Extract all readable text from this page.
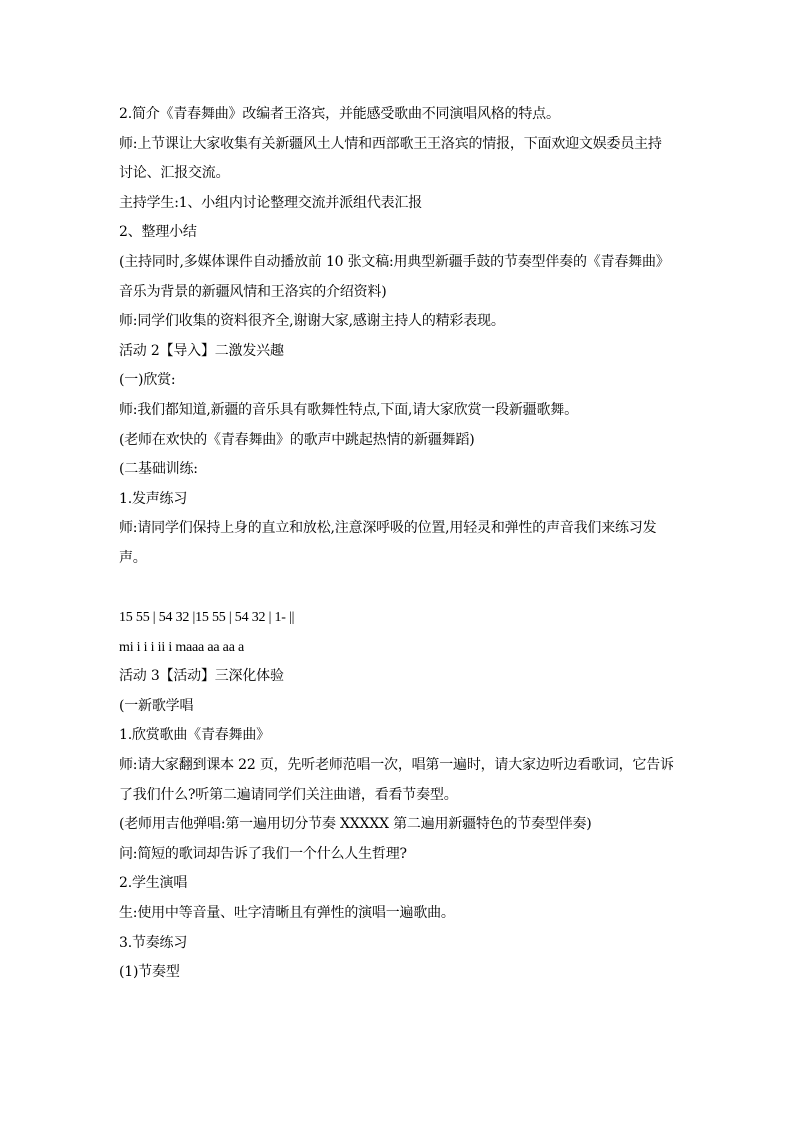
2.简介《青春舞曲》改编者王洛宾，并能感受歌曲不同演唱风格的特点。

师:上节课让大家收集有关新疆风土人情和西部歌王王洛宾的情报，下面欢迎文娱委员主持

讨论、汇报交流。

主持学生:1、小组内讨论整理交流并派组代表汇报

2、整理小结

(主持同时,多媒体课件自动播放前 10 张文稿:用典型新疆手鼓的节奏型伴奏的《青春舞曲》

音乐为背景的新疆风情和王洛宾的介绍资料)

师:同学们收集的资料很齐全,谢谢大家,感谢主持人的精彩表现。

活动 2【导入】二激发兴趣

(一)欣赏:

师:我们都知道,新疆的音乐具有歌舞性特点,下面,请大家欣赏一段新疆歌舞。

(老师在欢快的《青春舞曲》的歌声中跳起热情的新疆舞蹈)

(二基础训练:

1.发声练习

师:请同学们保持上身的直立和放松,注意深呼吸的位置,用轻灵和弹性的声音我们来练习发

声。

15 55 | 54 32 |15 55 | 54 32 | 1- ||

mi i i i ii i maaa aa aa a

活动 3【活动】三深化体验

(一新歌学唱

1.欣赏歌曲《青春舞曲》

师:请大家翻到课本 22 页，先听老师范唱一次，唱第一遍时，请大家边听边看歌词，它告诉

了我们什么?听第二遍请同学们关注曲谱，看看节奏型。

(老师用吉他弹唱:第一遍用切分节奏 XXXXX 第二遍用新疆特色的节奏型伴奏)

问:简短的歌词却告诉了我们一个什么人生哲理?

2.学生演唱

生:使用中等音量、吐字清晰且有弹性的演唱一遍歌曲。

3.节奏练习

(1)节奏型
